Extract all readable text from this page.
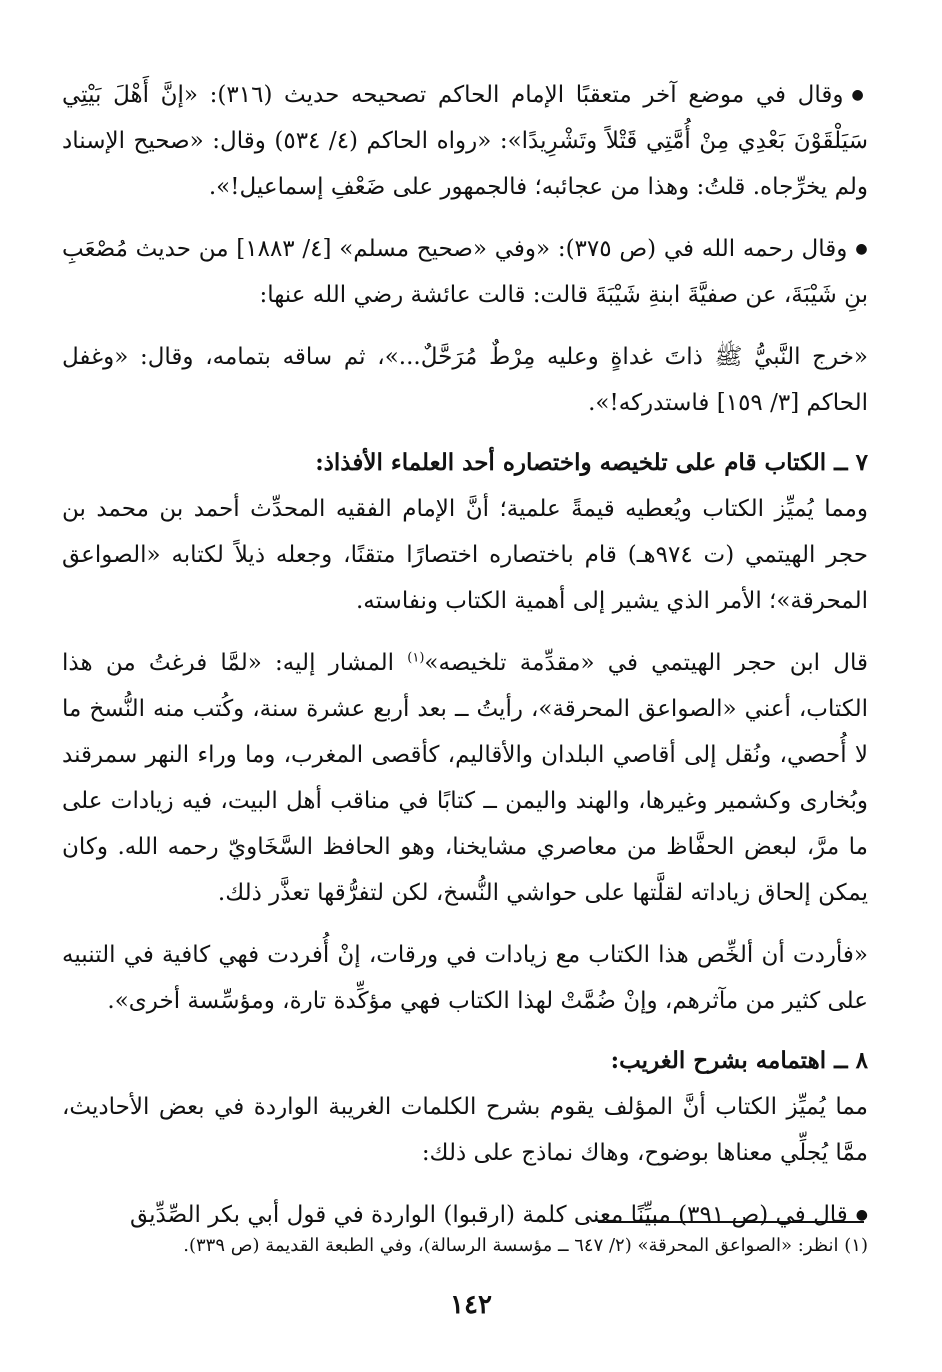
● وقال في موضع آخر متعقبًا الإمام الحاكم تصحيحه حديث (٣١٦): «إنَّ أَهْلَ بَيْتِي سَيَلْقَوْنَ بَعْدِي مِنْ أُمَّتِي قَتْلاً وتَشْرِيدًا»: «رواه الحاكم (٤/ ٥٣٤) وقال: «صحيح الإسناد ولم يخرِّجاه. قلتُ: وهذا من عجائبه؛ فالجمهور على ضَعْفِ إسماعيل!».

● وقال رحمه الله في (ص ٣٧٥): «وفي «صحيح مسلم» [٤/ ١٨٨٣] من حديث مُصْعَبِ بنِ شَيْبَةَ، عن صفيَّةَ ابنةِ شَيْبَةَ قالت: قالت عائشة رضي الله عنها:

«خرج النَّبيُّ ﷺ ذاتَ غداةٍ وعليه مِرْطٌ مُرَحَّلٌ...»، ثم ساقه بتمامه، وقال: «وغفل الحاكم [٣/ ١٥٩] فاستدركه!».

٧ ــ الكتاب قام على تلخيصه واختصاره أحد العلماء الأفذاذ:

ومما يُميِّز الكتاب ويُعطيه قيمةً علمية؛ أنَّ الإمام الفقيه المحدِّث أحمد بن محمد بن حجر الهيتمي (ت ٩٧٤هـ) قام باختصاره اختصارًا متقنًا، وجعله ذيلاً لكتابه «الصواعق المحرقة»؛ الأمر الذي يشير إلى أهمية الكتاب ونفاسته.

قال ابن حجر الهيتمي في «مقدِّمة تلخيصه»$^{(١)}$ المشار إليه: «لمَّا فرغتُ من هذا الكتاب، أعني «الصواعق المحرقة»، رأيتُ ــ بعد أربع عشرة سنة، وكُتب منه النُّسخ ما لا أُحصي، ونُقل إلى أقاصي البلدان والأقاليم، كأقصى المغرب، وما وراء النهر سمرقند وبُخارى وكشمير وغيرها، والهند واليمن ــ كتابًا في مناقب أهل البيت، فيه زيادات على ما مرَّ، لبعض الحفَّاظ من معاصري مشايخنا، وهو الحافظ السَّخَاويّ رحمه الله. وكان يمكن إلحاق زياداته لقلَّتها على حواشي النُّسخ، لكن لتفرُّقها تعذَّر ذلك.

«فأردت أن ألخِّص هذا الكتاب مع زيادات في ورقات، إنْ أُفردت فهي كافية في التنبيه على كثير من مآثرهم، وإنْ ضُمَّتْ لهذا الكتاب فهي مؤكِّدة تارة، ومؤسِّسة أخرى».

٨ ــ اهتمامه بشرح الغريب:

مما يُميِّز الكتاب أنَّ المؤلف يقوم بشرح الكلمات الغريبة الواردة في بعض الأحاديث، ممَّا يُجلِّي معناها بوضوح، وهاك نماذج على ذلك:

● قال في (ص ٣٩١) مبيِّنًا معنى كلمة (ارقبوا) الواردة في قول أبي بكر الصِّدِّيق

(١) انظر: «الصواعق المحرقة» (٢/ ٦٤٧ ــ مؤسسة الرسالة)، وفي الطبعة القديمة (ص ٣٣٩).
١٤٢
